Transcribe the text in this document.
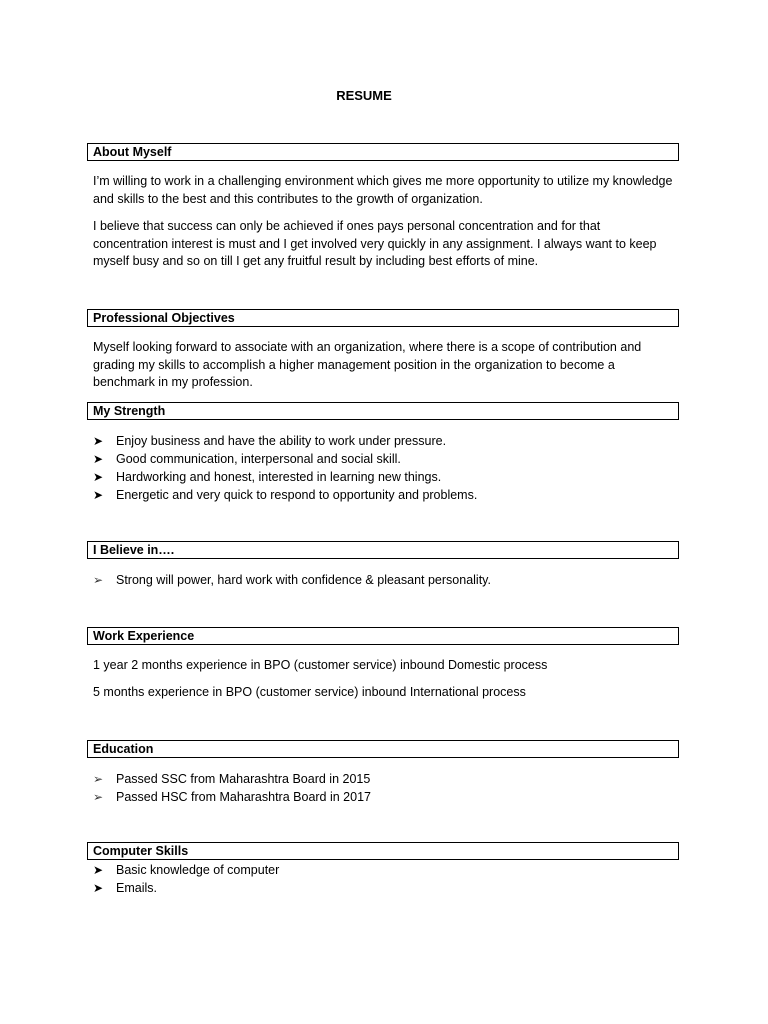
RESUME
About Myself

I’m willing to work in a challenging environment which gives me more opportunity to utilize my knowledge and skills to the best and this contributes to the growth of organization.

I believe that success can only be achieved if ones pays personal concentration and for that concentration interest is must and I get involved very quickly in any assignment. I always want to keep myself busy and so on till I get any fruitful result by including best efforts of mine.

Professional Objectives

Myself looking forward to associate with an organization, where there is a scope of contribution and grading my skills to accomplish a higher management position in the organization to become a benchmark in my profession.

My Strength
➤	Enjoy business and have the ability to work under pressure.
➤	Good communication, interpersonal and social skill.
➤	Hardworking and honest, interested in learning new things.
➤	Energetic and very quick to respond to opportunity and problems.
I Believe in….
➢	Strong will power, hard work with confidence & pleasant personality.
Work Experience

1 year 2 months experience in BPO (customer service) inbound Domestic process

5 months experience in BPO (customer service) inbound International process

Education
➢	Passed SSC from Maharashtra Board in 2015
➢	Passed HSC from Maharashtra Board in 2017
Computer Skills
➤	Basic knowledge of computer
➤	Emails.
